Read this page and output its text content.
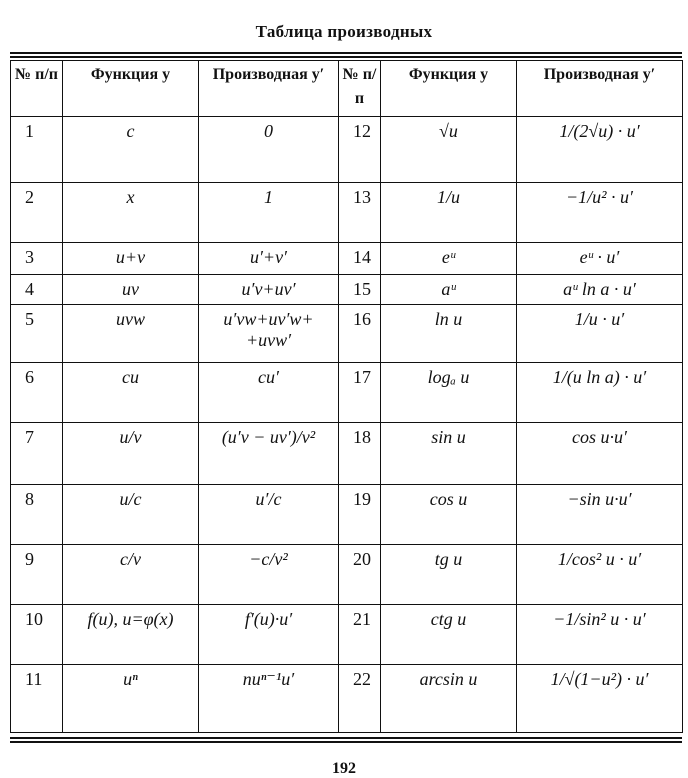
Таблица производных
№ п/п	Функция y	Производная y′	№ п/п	Функция y	Производная y′
1	c	0	12	√u	1/(2√u) · u′
2	x	1	13	1/u	−1/u² · u′
3	u+v	u′+v′	14	eᵘ	eᵘ · u′
4	uv	u′v+uv′	15	aᵘ	aᵘ ln a · u′
5	uvw	u′vw+uv′w+ +uvw′	16	ln u	1/u · u′
6	cu	cu′	17	logₐ u	1/(u ln a) · u′
7	u/v	(u′v − uv′)/v²	18	sin u	cos u·u′
8	u/c	u′/c	19	cos u	−sin u·u′
9	c/v	−c/v²	20	tg u	1/cos² u · u′
10	f(u), u=φ(x)	f′(u)·u′	21	ctg u	−1/sin² u · u′
11	uⁿ	nuⁿ⁻¹u′	22	arcsin u	1/√(1−u²) · u′
192
